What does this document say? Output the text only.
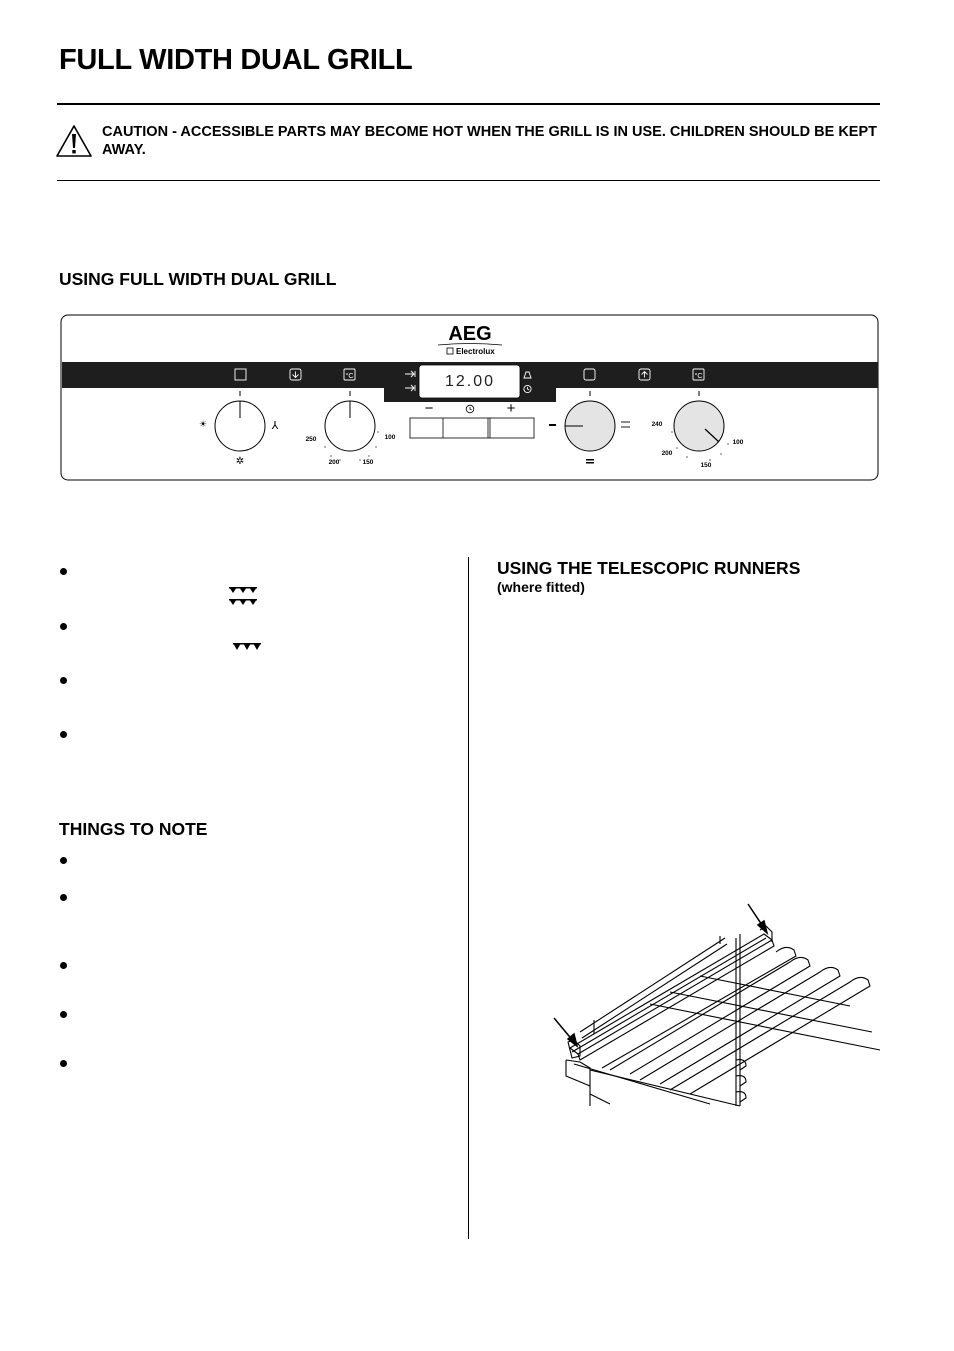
FULL WIDTH DUAL GRILL
CAUTION - ACCESSIBLE PARTS MAY BECOME HOT WHEN THE GRILL IS IN USE. CHILDREN SHOULD BE KEPT AWAY.
USING FULL WIDTH DUAL GRILL
AEG
Electrolux
12.00
°C	°C
−	+
☀	⅄
✲
250
200	150
100
240
200
150
100
THINGS TO NOTE
USING THE TELESCOPIC RUNNERS
(where fitted)
